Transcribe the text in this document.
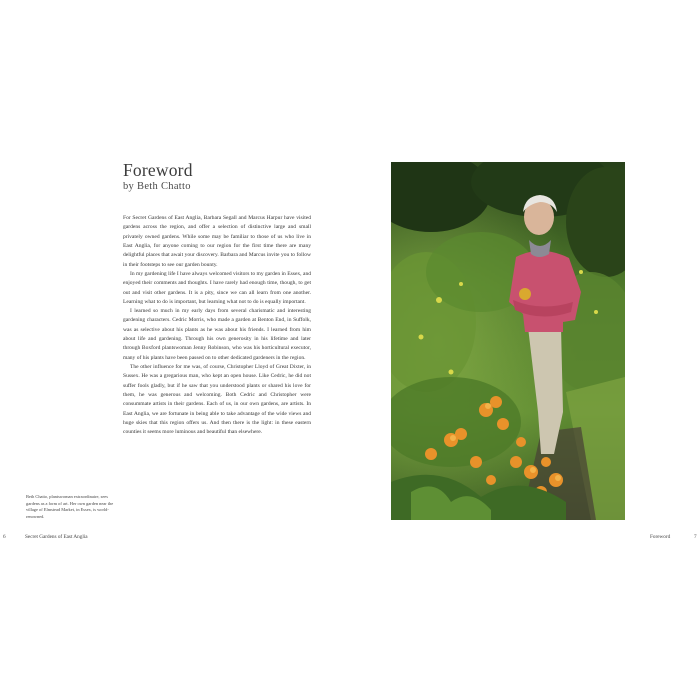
Foreword
by Beth Chatto

For Secret Gardens of East Anglia, Barbara Segall and Marcus Harpur have visited gardens across the region, and offer a selection of distinctive large and small privately owned gardens. While some may be familiar to those of us who live in East Anglia, for anyone coming to our region for the first time there are many delightful places that await your discovery. Barbara and Marcus invite you to follow in their footsteps to see our garden bounty.

In my gardening life I have always welcomed visitors to my garden in Essex, and enjoyed their comments and thoughts. I have rarely had enough time, though, to get out and visit other gardens. It is a pity, since we can all learn from one another. Learning what to do is important, but learning what not to do is equally important.

I learned so much in my early days from several charismatic and interesting gardening characters. Cedric Morris, who made a garden at Benton End, in Suffolk, was as selective about his plants as he was about his friends. I learned from him about life and gardening. Through his own generosity in his lifetime and later through Boxford plantswoman Jenny Robinson, who was his horticultural executor, many of his plants have been passed on to other dedicated gardeners in the region.

The other influence for me was, of course, Christopher Lloyd of Great Dixter, in Sussex. He was a gregarious man, who kept an open house. Like Cedric, he did not suffer fools gladly, but if he saw that you understood plants or shared his love for them, he was generous and welcoming. Both Cedric and Christopher were consummate artists in their gardens. Each of us, in our own gardens, are artists. In East Anglia, we are fortunate in being able to take advantage of the wide views and huge skies that this region offers us. And then there is the light: in these eastern counties it seems more luminous and beautiful than elsewhere.

Beth Chatto, plantswoman extraordinaire, sees gardens as a form of art. Her own garden near the village of Elmstead Market, in Essex, is world-renowned.
6	Secret Gardens of East Anglia	Foreword	7
